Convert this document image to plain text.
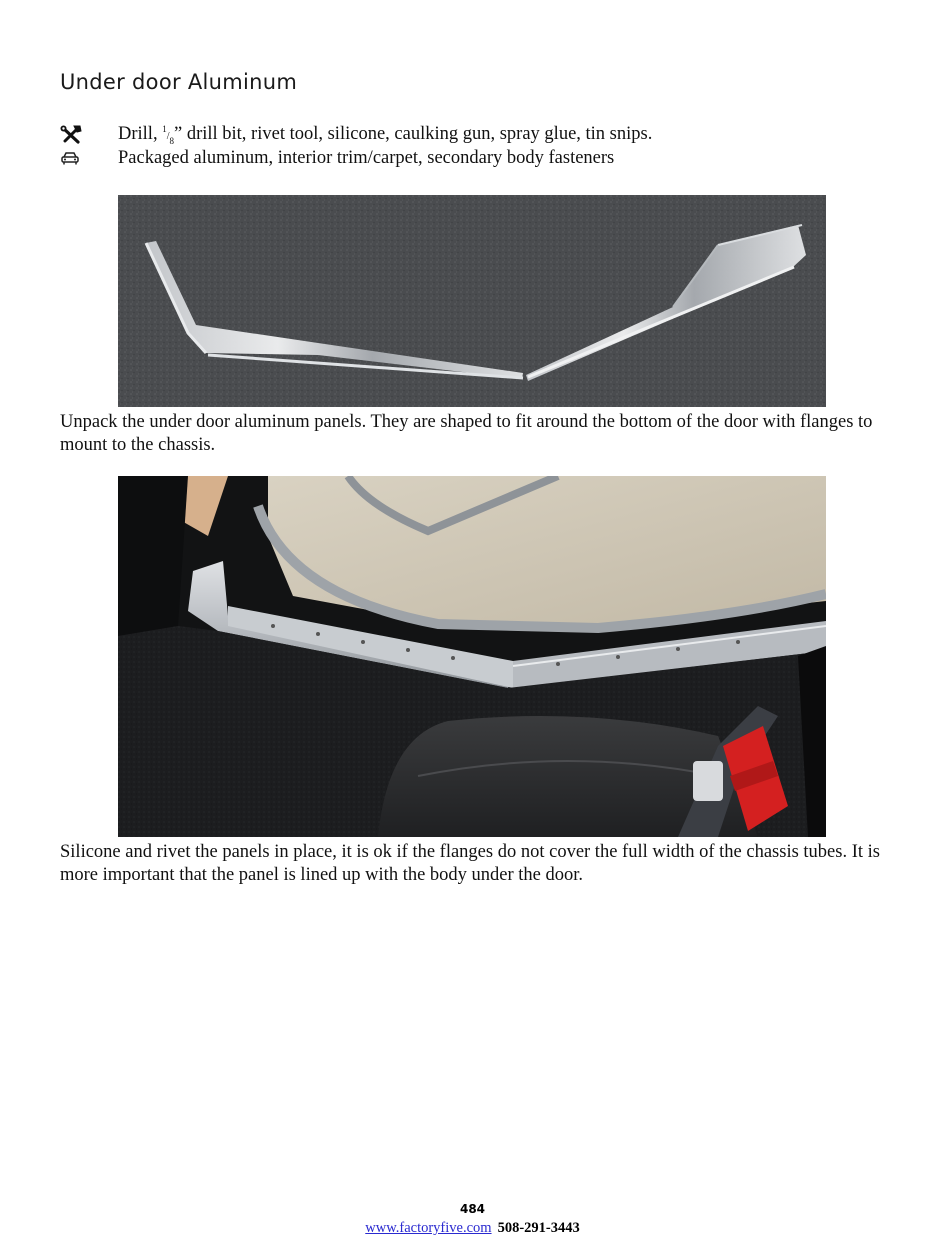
Under door Aluminum
Drill, $^1/_8$” drill bit, rivet tool, silicone, caulking gun, spray glue, tin snips.
Packaged aluminum, interior trim/carpet, secondary body fasteners
Unpack the under door aluminum panels. They are shaped to fit around the bottom of the door with flanges to mount to the chassis.
Silicone and rivet the panels in place, it is ok if the flanges do not cover the full width of the chassis tubes. It is more important that the panel is lined up with the body under the door.
484
www.factoryfive.com 508-291-3443
